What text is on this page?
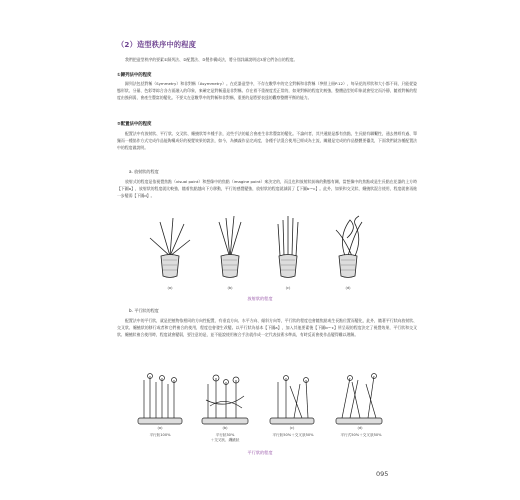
（2）造型秩序中的程度
我們把造型秩序的要素①歸列法、②配置法、③製作構成法，將分別詳細說明這3項它們各自的程度。
①歸列法中的程度
歸列法包括對稱（Symmetry）和非對稱（Asymmetry）。在花器造型中，不存在數學中的完全對稱和非對稱（參照上冊P.12），每朵花的形狀和大小都不同，只能從姿態形狀、分量、色彩等綜合各方面融入的印象，來確定是對稱還是非對稱。存在着不重複度差正常的，如果對稱的程度比較強，整體造型的印象就會堅定而冷靜，隨着對稱的程度由強到弱，會產生豐富的變化。不要太在意數學中的對稱和非對稱，重要的是將要表達的觀察整體平衡的能力。
②配置法中的程度
配置法中有放射狀、平行狀、交叉狀、纏繞狀等多種手法，這些手法的組合會產生非常豐富的變化。不論何者，其共通點是都有焦點，生長點有聯繫性，通去曾經有過、單獨而一種協作方式完成作品能夠構成好的視覺效果的說法，如今，為擴義作品完成度，各種手法混合使用已經成為主流，關鍵是完成的作品整體要優美，下面我們就各種配置法中的程度做說明。
a. 放射狀的程度
放射式的程度是依視覺焦點（visual point）和想像中的焦點（imagine point）來決定的，而且也和放射狀前端的動態有關，當想像中的焦點或是生長點在花器的上方時【下圖a】，放射狀的程度就比較強，隨着焦點越向下方移動，平行的感覺變強，放射狀的程度就減弱了【下圖b～c】。此外，如果和交叉狀、纏繞狀混合使用，程度就會再進一步變弱【下圖d】。
(a)	(b)	(c)	(d)
放射狀的程度
b. 平行狀的程度
配置法中的平行狀，就是把植物依相同的方向性配置，有垂直方向、水平方向、傾斜方向等，平行狀的程度也會隨焦點或生長點位置而變化，此外，隨著平行狀向放射狀、交叉狀、纏繞狀的移行或者和它們複合的使用，程度也會發生改變。以平行狀為基本【下圖a】，加入其他要素後【下圖b～c】所呈現的程度決定了視覺效果，平行狀和交叉狀、纏繞狀複合使用時，程度就會變弱，要注意的是，並不能說使用複合手法就作成一定代表技術水準高，有時反而會使作品變得難以理解。
(a)	(b)	(c)	(d)
平行狀100%	平行狀30%
＋交叉狀、纏繞狀
平行狀50%＋交叉狀50%	平行式50%＋交叉狀50%
平行狀的程度
095
